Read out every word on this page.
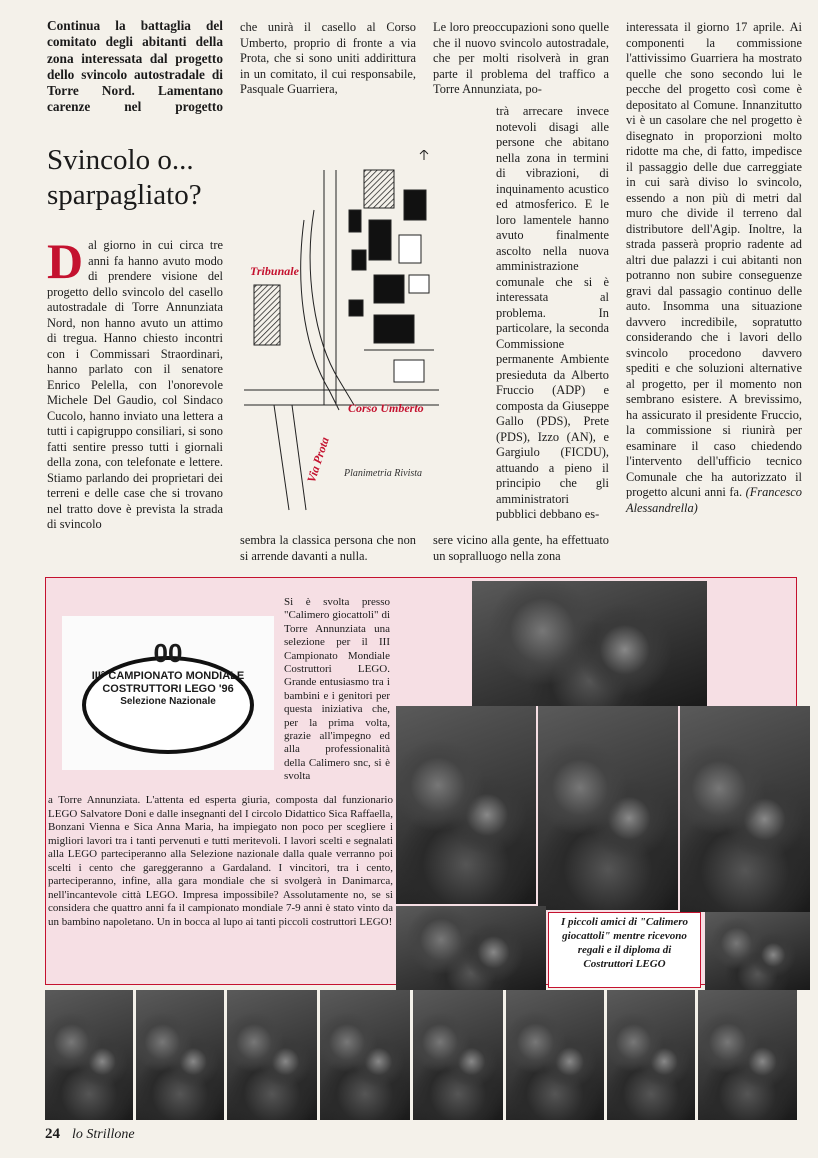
Continua la battaglia del comitato degli abitanti della zona interessata dal progetto dello svincolo autostradale di Torre Nord. Lamentano carenze nel progetto
Svincolo o... sparpagliato?
Dal giorno in cui circa tre anni fa hanno avuto modo di prendere visione del progetto dello svincolo del casello autostradale di Torre Annunziata Nord, non hanno avuto un attimo di tregua. Hanno chiesto incontri con i Commissari Straordinari, hanno parlato con il senatore Enrico Pelella, con l'onorevole Michele Del Gaudio, col Sindaco Cucolo, hanno inviato una lettera a tutti i capigruppo consiliari, si sono fatti sentire presso tutti i giornali della zona, con telefonate e lettere. Stiamo parlando dei proprietari dei terreni e delle case che si trovano nel tratto dove è prevista la strada di svincolo
che unirà il casello al Corso Umberto, proprio di fronte a via Prota, che si sono uniti addirittura in un comitato, il cui responsabile, Pasquale Guarriera,
Tribunale
Corso Umberto
Via Prota Planimetria Rivista
sembra la classica persona che non si arrende davanti a nulla.
Le loro preoccupazioni sono quelle che il nuovo svincolo autostradale, che per molti risolverà in gran parte il problema del traffico a Torre Annunziata, po-
trà arrecare invece notevoli disagi alle persone che abitano nella zona in termini di vibrazioni, di inquinamento acustico ed atmosferico. E le loro lamentele hanno avuto finalmente ascolto nella nuova amministrazione comunale che si è interessata al problema. In particolare, la seconda Commissione permanente Ambiente presieduta da Alberto Fruccio (ADP) e composta da Giuseppe Gallo (PDS), Prete (PDS), Izzo (AN), e Gargiulo (FICDU), attuando a pieno il principio che gli amministratori pubblici debbano es-
sere vicino alla gente, ha effettuato un sopralluogo nella zona
interessata il giorno 17 aprile. Ai componenti la commissione l'attivissimo Guarriera ha mostrato quelle che sono secondo lui le pecche del progetto così come è depositato al Comune. Innanzitutto vi è un casolare che nel progetto è disegnato in proporzioni molto ridotte ma che, di fatto, impedisce il passaggio delle due carreggiate in cui sarà diviso lo svincolo, essendo a non più di metri dal muro che divide il terreno dal distributore dell'Agip. Inoltre, la strada passerà proprio radente ad altri due palazzi i cui abitanti non potranno non subire conseguenze gravi dal passagio continuo delle auto. Insomma una situazione davvero incredibile, sopratutto considerando che i lavori dello svincolo procedono davvero spediti e che soluzioni alternative al progetto, per il momento non sembrano esistere. A brevissimo, ha assicurato il presidente Fruccio, la commissione si riunirà per esaminare il caso chiedendo l'intervento dell'ufficio tecnico Comunale che ha autorizzato il progetto alcuni anni fa. (Francesco Alessandrella)
00
III° CAMPIONATO MONDIALE
COSTRUTTORI LEGO '96
Selezione Nazionale
Si è svolta presso "Calimero giocattoli" di Torre Annunziata una selezione per il III Campionato Mondiale Costruttori LEGO. Grande entusiasmo tra i bambini e i genitori per questa iniziativa che, per la prima volta, grazie all'impegno ed alla professionalità della Calimero snc, si è svolta
a Torre Annunziata. L'attenta ed esperta giuria, composta dal funzionario LEGO Salvatore Doni e dalle insegnanti del I circolo Didattico Sica Raffaella, Bonzani Vienna e Sica Anna Maria, ha impiegato non poco per scegliere i migliori lavori tra i tanti pervenuti e tutti meritevoli. I lavori scelti e segnalati alla LEGO parteciperanno alla Selezione nazionale dalla quale verranno poi scelti i cento che gareggeranno a Gardaland. I vincitori, tra i cento, parteciperanno, infine, alla gara mondiale che si svolgerà in Danimarca, nell'incantevole città LEGO. Impresa impossibile? Assolutamente no, se si considera che quattro anni fa il campionato mondiale 7-9 anni è stato vinto da un bambino napoletano. Un in bocca al lupo ai tanti piccoli costruttori LEGO!	I piccoli amici di "Calimero giocattoli" mentre ricevono regali e il diploma di Costruttori LEGO
24 lo Strillone
